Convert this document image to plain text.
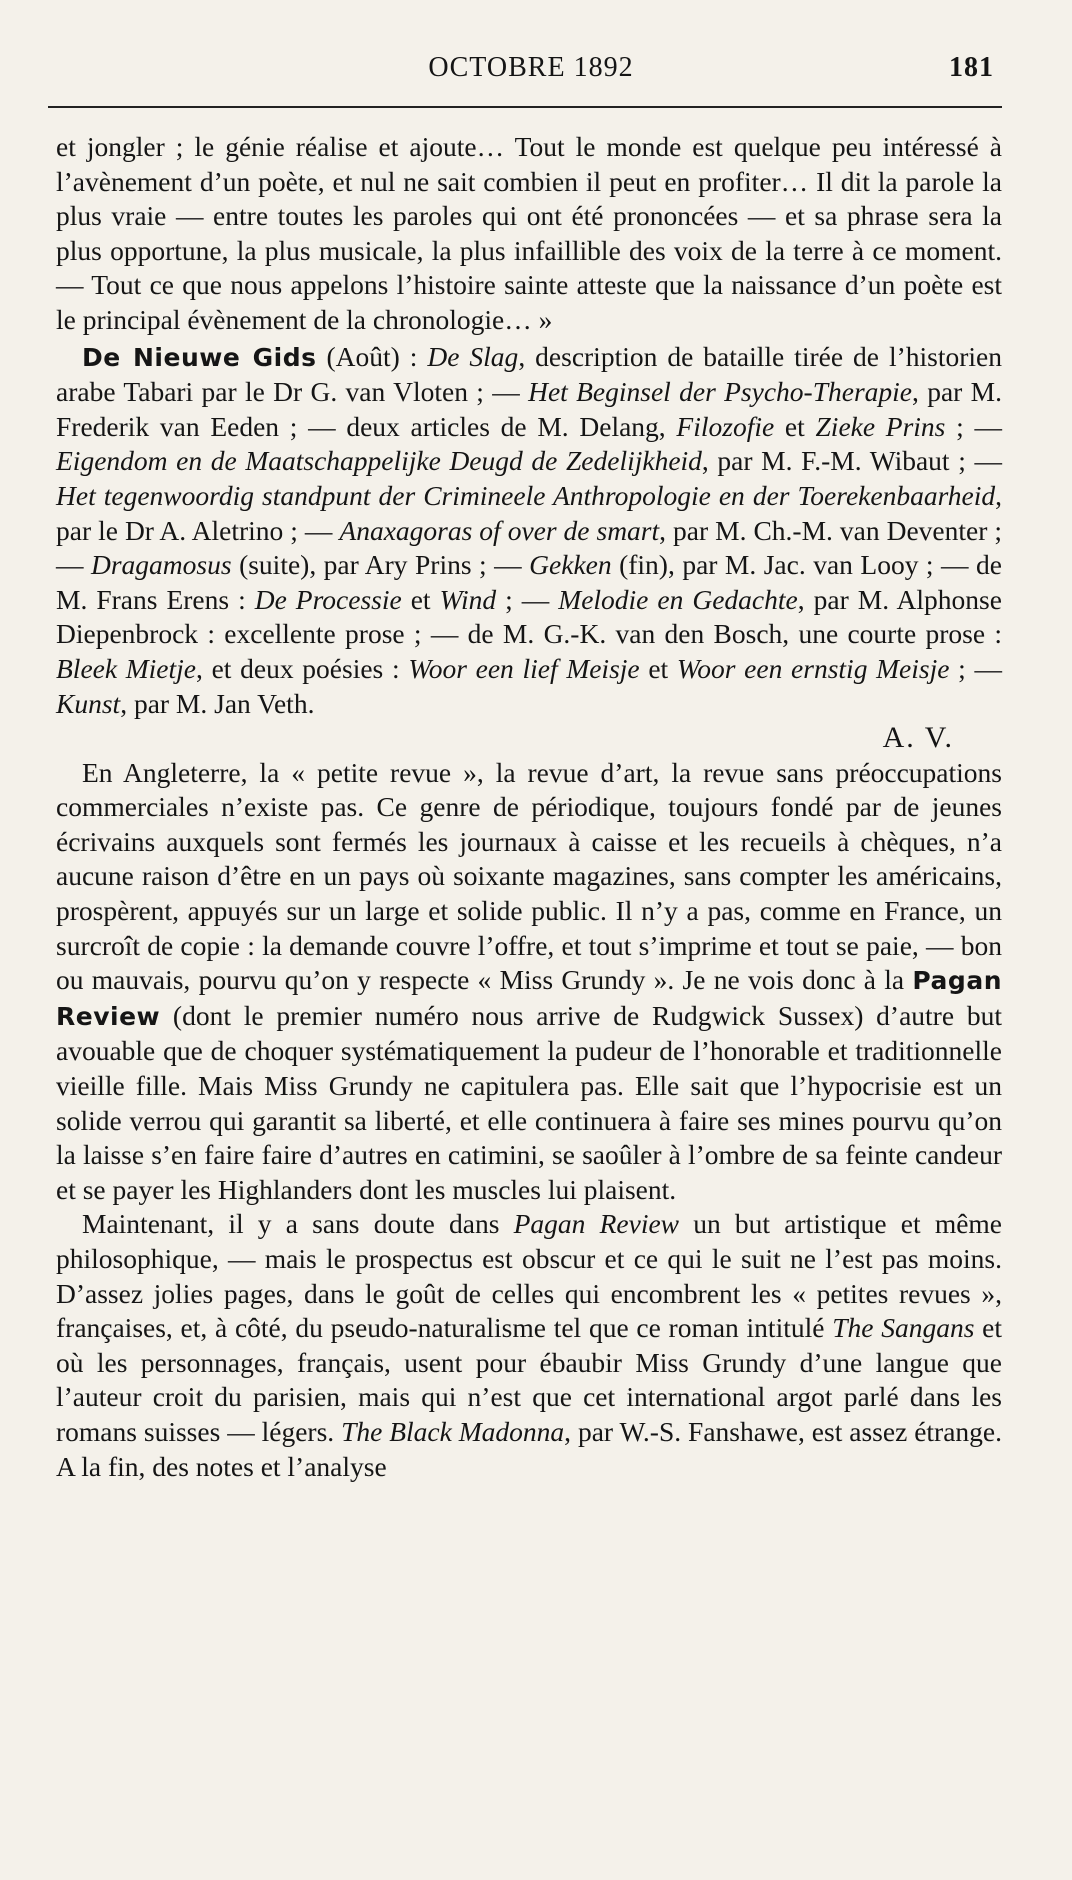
OCTOBRE 1892	181

et jongler ; le génie réalise et ajoute… Tout le monde est quelque peu intéressé à l’avènement d’un poète, et nul ne sait combien il peut en profiter… Il dit la parole la plus vraie — entre toutes les paroles qui ont été prononcées — et sa phrase sera la plus opportune, la plus musicale, la plus infaillible des voix de la terre à ce moment. — Tout ce que nous appelons l’histoire sainte atteste que la naissance d’un poète est le principal évènement de la chronologie… »

De Nieuwe Gids (Août) : De Slag, description de bataille tirée de l’historien arabe Tabari par le Dr G. van Vloten ; — Het Beginsel der Psycho-Therapie, par M. Frederik van Eeden ; — deux articles de M. Delang, Filozofie et Zieke Prins ; — Eigendom en de Maatschappelijke Deugd de Zedelijkheid, par M. F.-M. Wibaut ; — Het tegenwoordig standpunt der Crimineele Anthropologie en der Toerekenbaarheid, par le Dr A. Aletrino ; — Anaxagoras of over de smart, par M. Ch.-M. van Deventer ; — Dragamosus (suite), par Ary Prins ; — Gekken (fin), par M. Jac. van Looy ; — de M. Frans Erens : De Processie et Wind ; — Melodie en Gedachte, par M. Alphonse Diepenbrock : excellente prose ; — de M. G.-K. van den Bosch, une courte prose : Bleek Mietje, et deux poésies : Woor een lief Meisje et Woor een ernstig Meisje ; — Kunst, par M. Jan Veth.

A. V.

En Angleterre, la « petite revue », la revue d’art, la revue sans préoccupations commerciales n’existe pas. Ce genre de périodique, toujours fondé par de jeunes écrivains auxquels sont fermés les journaux à caisse et les recueils à chèques, n’a aucune raison d’être en un pays où soixante magazines, sans compter les américains, prospèrent, appuyés sur un large et solide public. Il n’y a pas, comme en France, un surcroît de copie : la demande couvre l’offre, et tout s’imprime et tout se paie, — bon ou mauvais, pourvu qu’on y respecte « Miss Grundy ». Je ne vois donc à la Pagan Review (dont le premier numéro nous arrive de Rudgwick Sussex) d’autre but avouable que de choquer systématiquement la pudeur de l’honorable et traditionnelle vieille fille. Mais Miss Grundy ne capitulera pas. Elle sait que l’hypocrisie est un solide verrou qui garantit sa liberté, et elle continuera à faire ses mines pourvu qu’on la laisse s’en faire faire d’autres en catimini, se saoûler à l’ombre de sa feinte candeur et se payer les Highlanders dont les muscles lui plaisent.

Maintenant, il y a sans doute dans Pagan Review un but artistique et même philosophique, — mais le prospectus est obscur et ce qui le suit ne l’est pas moins. D’assez jolies pages, dans le goût de celles qui encombrent les « petites revues », françaises, et, à côté, du pseudo-naturalisme tel que ce roman intitulé The Sangans et où les personnages, français, usent pour ébaubir Miss Grundy d’une langue que l’auteur croit du parisien, mais qui n’est que cet international argot parlé dans les romans suisses — légers. The Black Madonna, par W.-S. Fanshawe, est assez étrange. A la fin, des notes et l’analyse
